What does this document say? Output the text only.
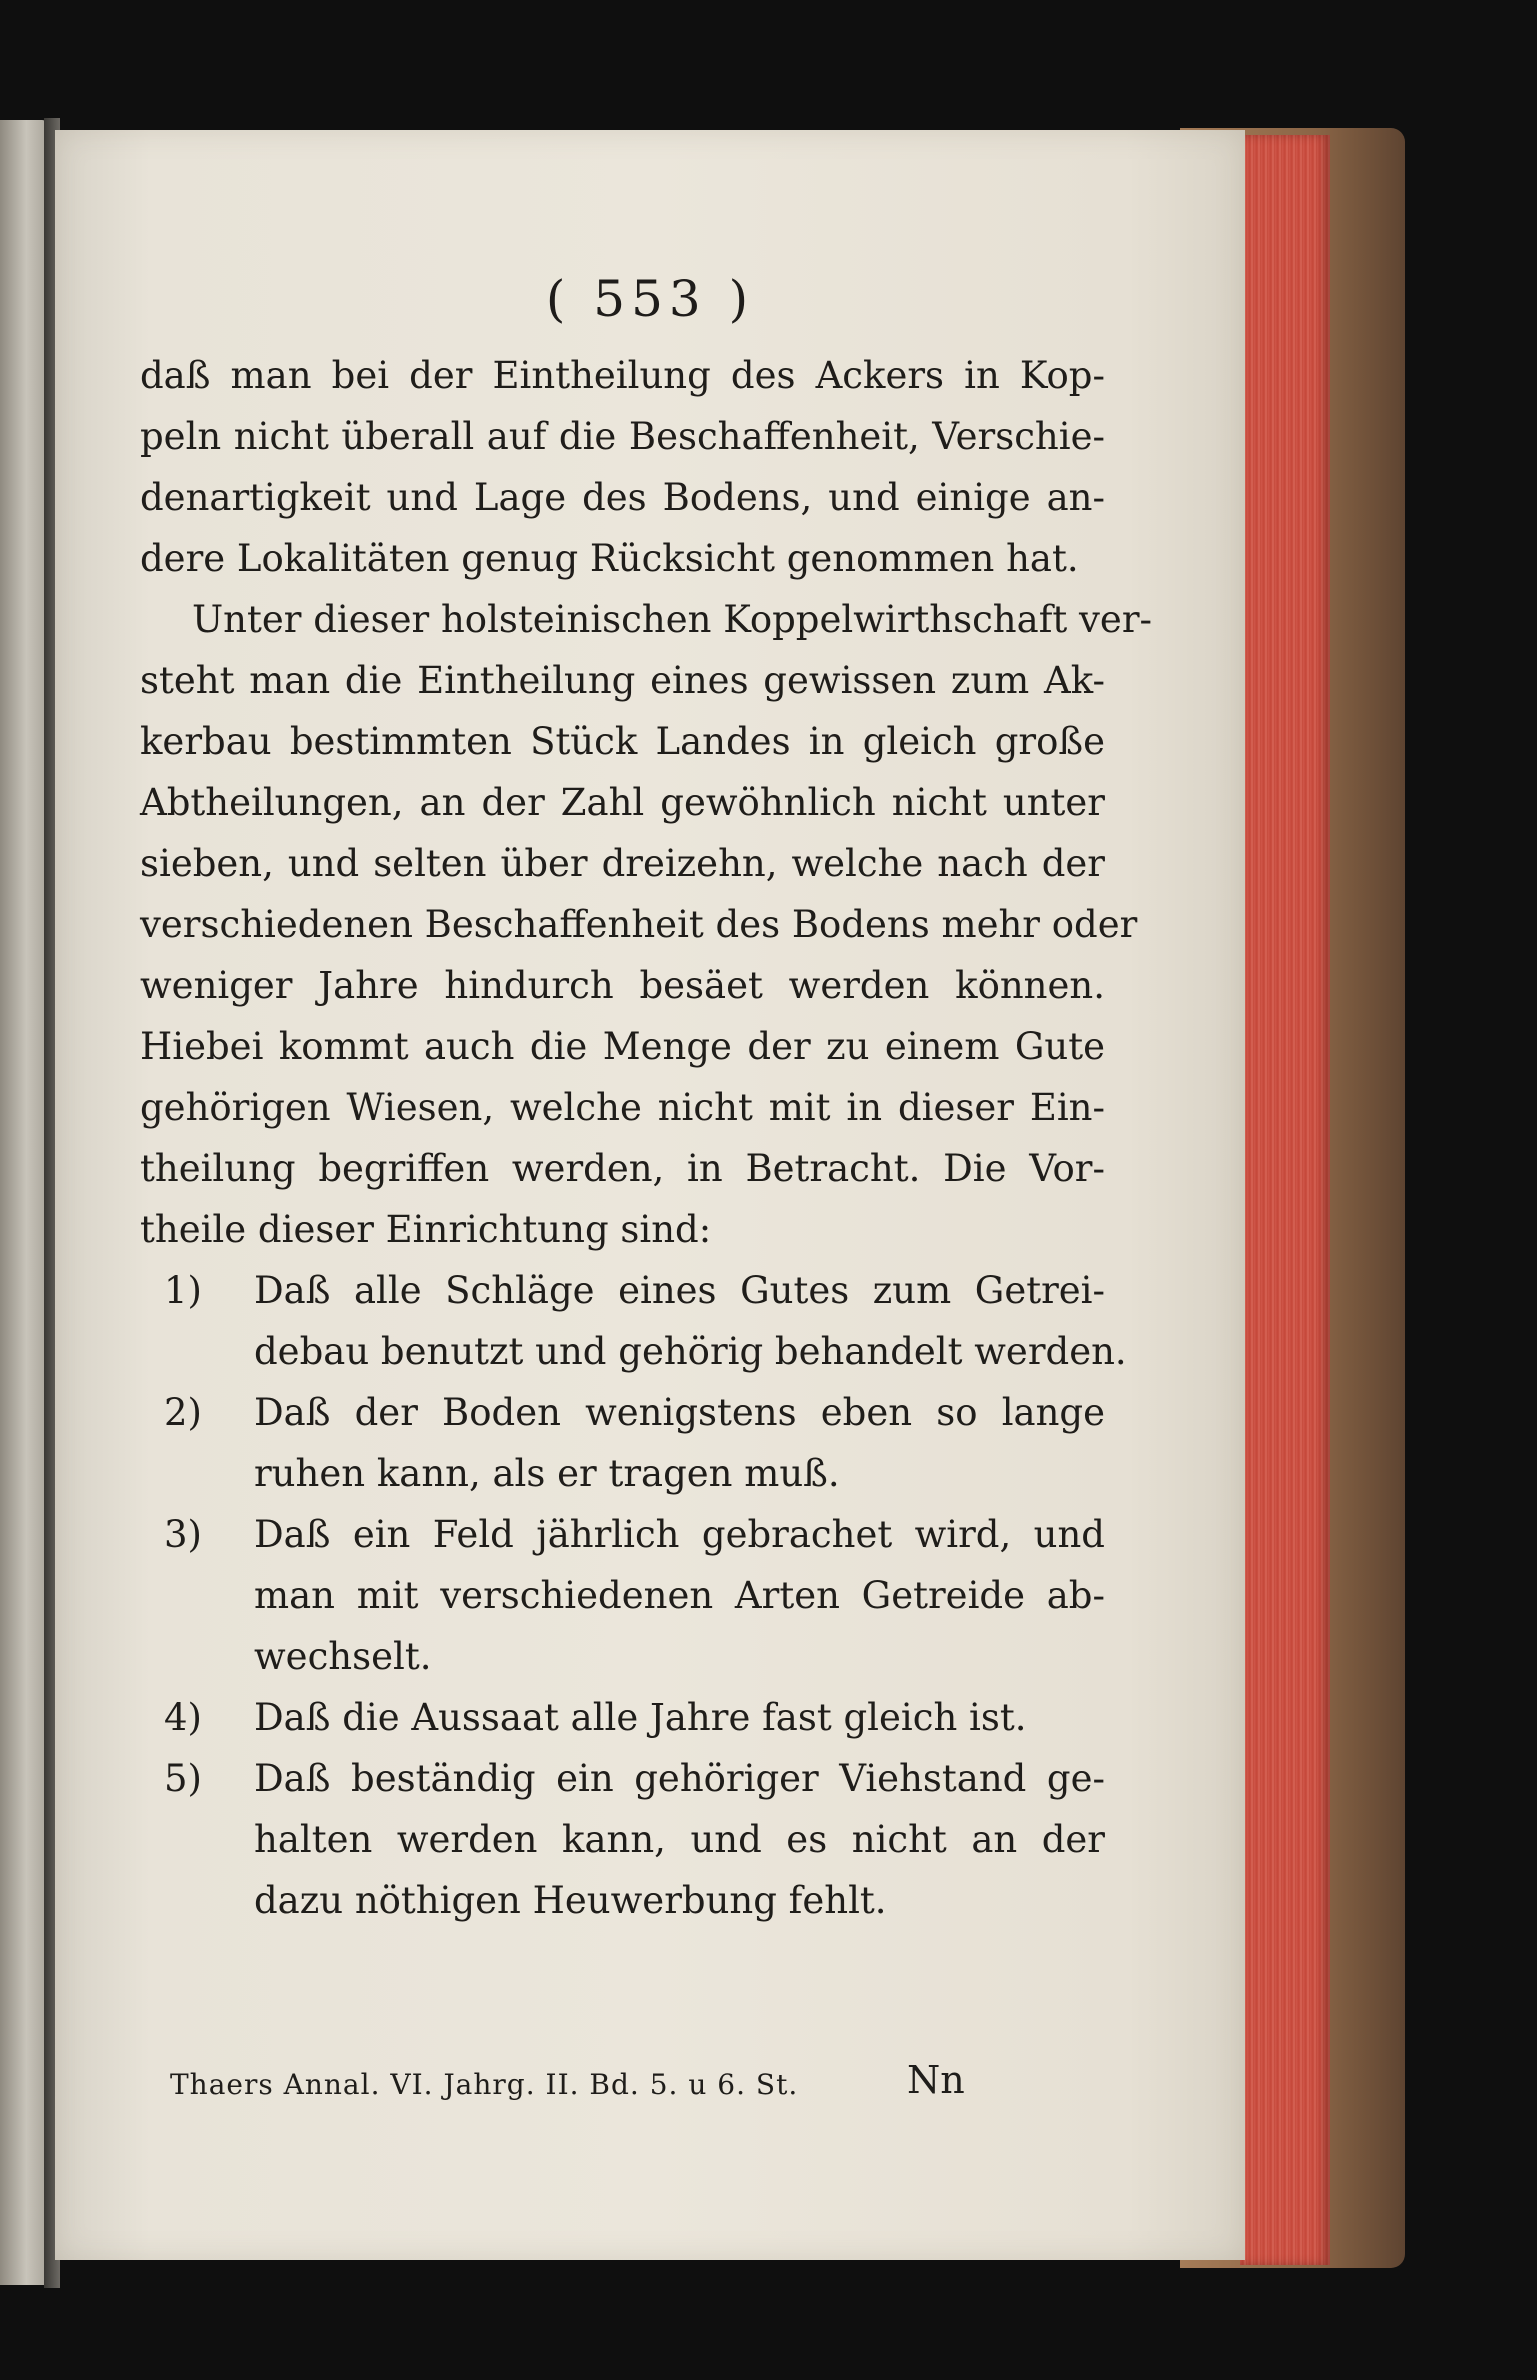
( 553 )
daß man bei der Eintheilung des Ackers in Kop-
peln nicht überall auf die Beschaffenheit, Verschie-
denartigkeit und Lage des Bodens, und einige an-
dere Lokalitäten genug Rücksicht genommen hat.
Unter dieser holsteinischen Koppelwirthschaft ver-
steht man die Eintheilung eines gewissen zum Ak-
kerbau bestimmten Stück Landes in gleich große
Abtheilungen, an der Zahl gewöhnlich nicht unter
sieben, und selten über dreizehn, welche nach der
verschiedenen Beschaffenheit des Bodens mehr oder
weniger Jahre hindurch besäet werden können.
Hiebei kommt auch die Menge der zu einem Gute
gehörigen Wiesen, welche nicht mit in dieser Ein-
theilung begriffen werden, in Betracht. Die Vor-
theile dieser Einrichtung sind:
1)	Daß alle Schläge eines Gutes zum Getrei-
debau benutzt und gehörig behandelt werden.
2)	Daß der Boden wenigstens eben so lange
ruhen kann, als er tragen muß.
3)	Daß ein Feld jährlich gebrachet wird, und
man mit verschiedenen Arten Getreide ab-
wechselt.
4)	Daß die Aussaat alle Jahre fast gleich ist.
5)	Daß beständig ein gehöriger Viehstand ge-
halten werden kann, und es nicht an der
dazu nöthigen Heuwerbung fehlt.
Thaers Annal. VI. Jahrg. II. Bd. 5. u 6. St.	Nn
